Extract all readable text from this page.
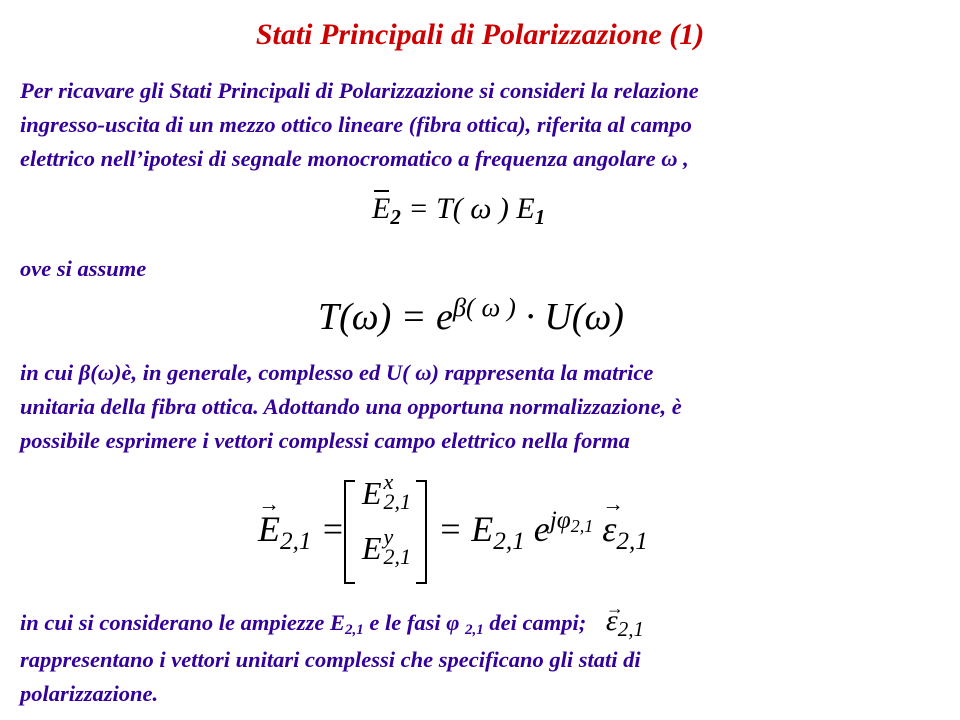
Stati Principali di Polarizzazione (1)
Per ricavare gli Stati Principali di Polarizzazione si consideri la relazione
ingresso-uscita di un mezzo ottico lineare (fibra ottica), riferita al campo
elettrico nell’ipotesi di segnale monocromatico a frequenza angolare ω ,
$E_2 = T$( ω ) $E_1$
ove si assume
$T(\omega) = e^{\beta( \omega )} \cdot U(\omega)$
in cui β(ω)è, in generale, complesso ed U( ω) rappresenta la matrice
unitaria della fibra ottica. Adottando una opportuna normalizzazione, è
possibile esprimere i vettori complessi campo elettrico nella forma
$E \to_{2,1}$ =
E x
2,1
E y
2,1
= $E_{2,1}$ $e^{j\varphi 2,1}$ $\varepsilon \to_{2,1}$
in cui si considerano le ampiezze E2,1 e le fasi φ 2,1 dei campi; $\varepsilon \to_{2,1}$
rappresentano i vettori unitari complessi che specificano gli stati di
polarizzazione.
